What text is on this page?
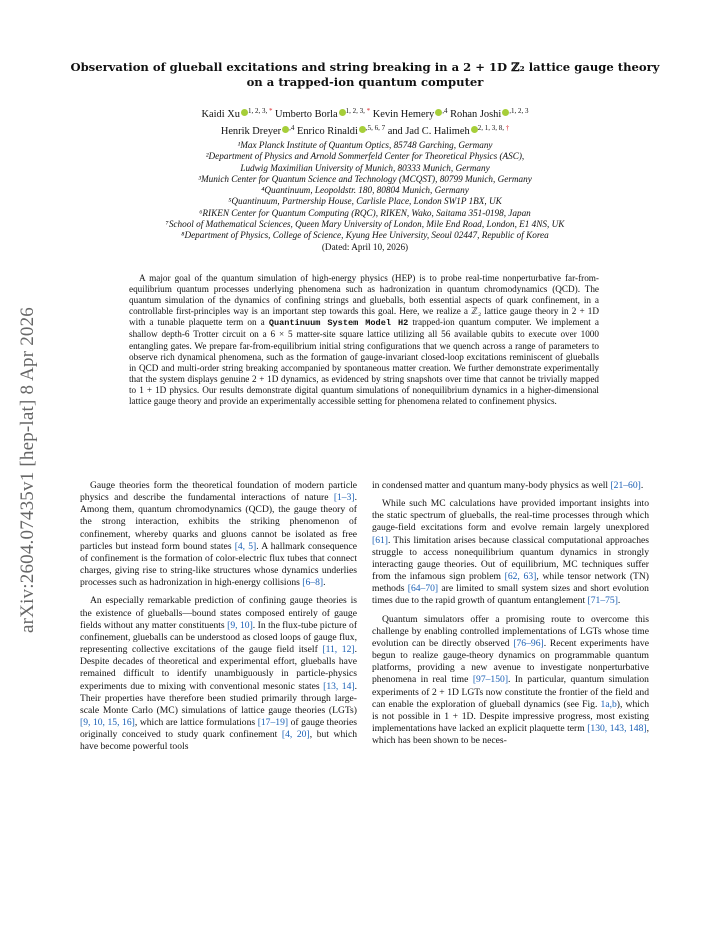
arXiv:2604.07435v1 [hep-lat] 8 Apr 2026
Observation of glueball excitations and string breaking in a 2 + 1D ℤ₂ lattice gauge theory on a trapped-ion quantum computer
Kaidi Xu $^{1, 2, 3, *}$ Umberto Borla $^{1, 2, 3, *}$ Kevin Hemery $^{,4}$ Rohan Joshi $^{,1, 2, 3}$
Henrik Dreyer $^{,4}$ Enrico Rinaldi $^{,5, 6, 7}$ and Jad C. Halimeh $^{2, 1, 3, 8, \dagger}$
¹Max Planck Institute of Quantum Optics, 85748 Garching, Germany
²Department of Physics and Arnold Sommerfeld Center for Theoretical Physics (ASC),
Ludwig Maximilian University of Munich, 80333 Munich, Germany
³Munich Center for Quantum Science and Technology (MCQST), 80799 Munich, Germany
⁴Quantinuum, Leopoldstr. 180, 80804 Munich, Germany
⁵Quantinuum, Partnership House, Carlisle Place, London SW1P 1BX, UK
⁶RIKEN Center for Quantum Computing (RQC), RIKEN, Wako, Saitama 351-0198, Japan
⁷School of Mathematical Sciences, Queen Mary University of London, Mile End Road, London, E1 4NS, UK
⁸Department of Physics, College of Science, Kyung Hee University, Seoul 02447, Republic of Korea
(Dated: April 10, 2026)

A major goal of the quantum simulation of high-energy physics (HEP) is to probe real-time nonperturbative far-from-equilibrium quantum processes underlying phenomena such as hadronization in quantum chromodynamics (QCD). The quantum simulation of the dynamics of confining strings and glueballs, both essential aspects of quark confinement, in a controllable first-principles way is an important step towards this goal. Here, we realize a ℤ₂ lattice gauge theory in 2 + 1D with a tunable plaquette term on a Quantinuum System Model H2 trapped-ion quantum computer. We implement a shallow depth-6 Trotter circuit on a 6 × 5 matter-site square lattice utilizing all 56 available qubits to execute over 1000 entangling gates. We prepare far-from-equilibrium initial string configurations that we quench across a range of parameters to observe rich dynamical phenomena, such as the formation of gauge-invariant closed-loop excitations reminiscent of glueballs in QCD and multi-order string breaking accompanied by spontaneous matter creation. We further demonstrate experimentally that the system displays genuine 2 + 1D dynamics, as evidenced by string snapshots over time that cannot be trivially mapped to 1 + 1D physics. Our results demonstrate digital quantum simulations of nonequilibrium dynamics in a higher-dimensional lattice gauge theory and provide an experimentally accessible setting for phenomena related to confinement physics.

Gauge theories form the theoretical foundation of modern particle physics and describe the fundamental interactions of nature [1–3]. Among them, quantum chromodynamics (QCD), the gauge theory of the strong interaction, exhibits the striking phenomenon of confinement, whereby quarks and gluons cannot be isolated as free particles but instead form bound states [4, 5]. A hallmark consequence of confinement is the formation of color-electric flux tubes that connect charges, giving rise to string-like structures whose dynamics underlies processes such as hadronization in high-energy collisions [6–8].

An especially remarkable prediction of confining gauge theories is the existence of glueballs—bound states composed entirely of gauge fields without any matter constituents [9, 10]. In the flux-tube picture of confinement, glueballs can be understood as closed loops of gauge flux, representing collective excitations of the gauge field itself [11, 12]. Despite decades of theoretical and experimental effort, glueballs have remained difficult to identify unambiguously in particle-physics experiments due to mixing with conventional mesonic states [13, 14]. Their properties have therefore been studied primarily through large-scale Monte Carlo (MC) simulations of lattice gauge theories (LGTs) [9, 10, 15, 16], which are lattice formulations [17–19] of gauge theories originally conceived to study quark confinement [4, 20], but which have become powerful tools

in condensed matter and quantum many-body physics as well [21–60].

While such MC calculations have provided important insights into the static spectrum of glueballs, the real-time processes through which gauge-field excitations form and evolve remain largely unexplored [61]. This limitation arises because classical computational approaches struggle to access nonequilibrium quantum dynamics in strongly interacting gauge theories. Out of equilibrium, MC techniques suffer from the infamous sign problem [62, 63], while tensor network (TN) methods [64–70] are limited to small system sizes and short evolution times due to the rapid growth of quantum entanglement [71–75].

Quantum simulators offer a promising route to overcome this challenge by enabling controlled implementations of LGTs whose time evolution can be directly observed [76–96]. Recent experiments have begun to realize gauge-theory dynamics on programmable quantum platforms, providing a new avenue to investigate nonperturbative phenomena in real time [97–150]. In particular, quantum simulation experiments of 2 + 1D LGTs now constitute the frontier of the field and can enable the exploration of glueball dynamics (see Fig. 1a,b), which is not possible in 1 + 1D. Despite impressive progress, most existing implementations have lacked an explicit plaquette term [130, 143, 148], which has been shown to be neces-
